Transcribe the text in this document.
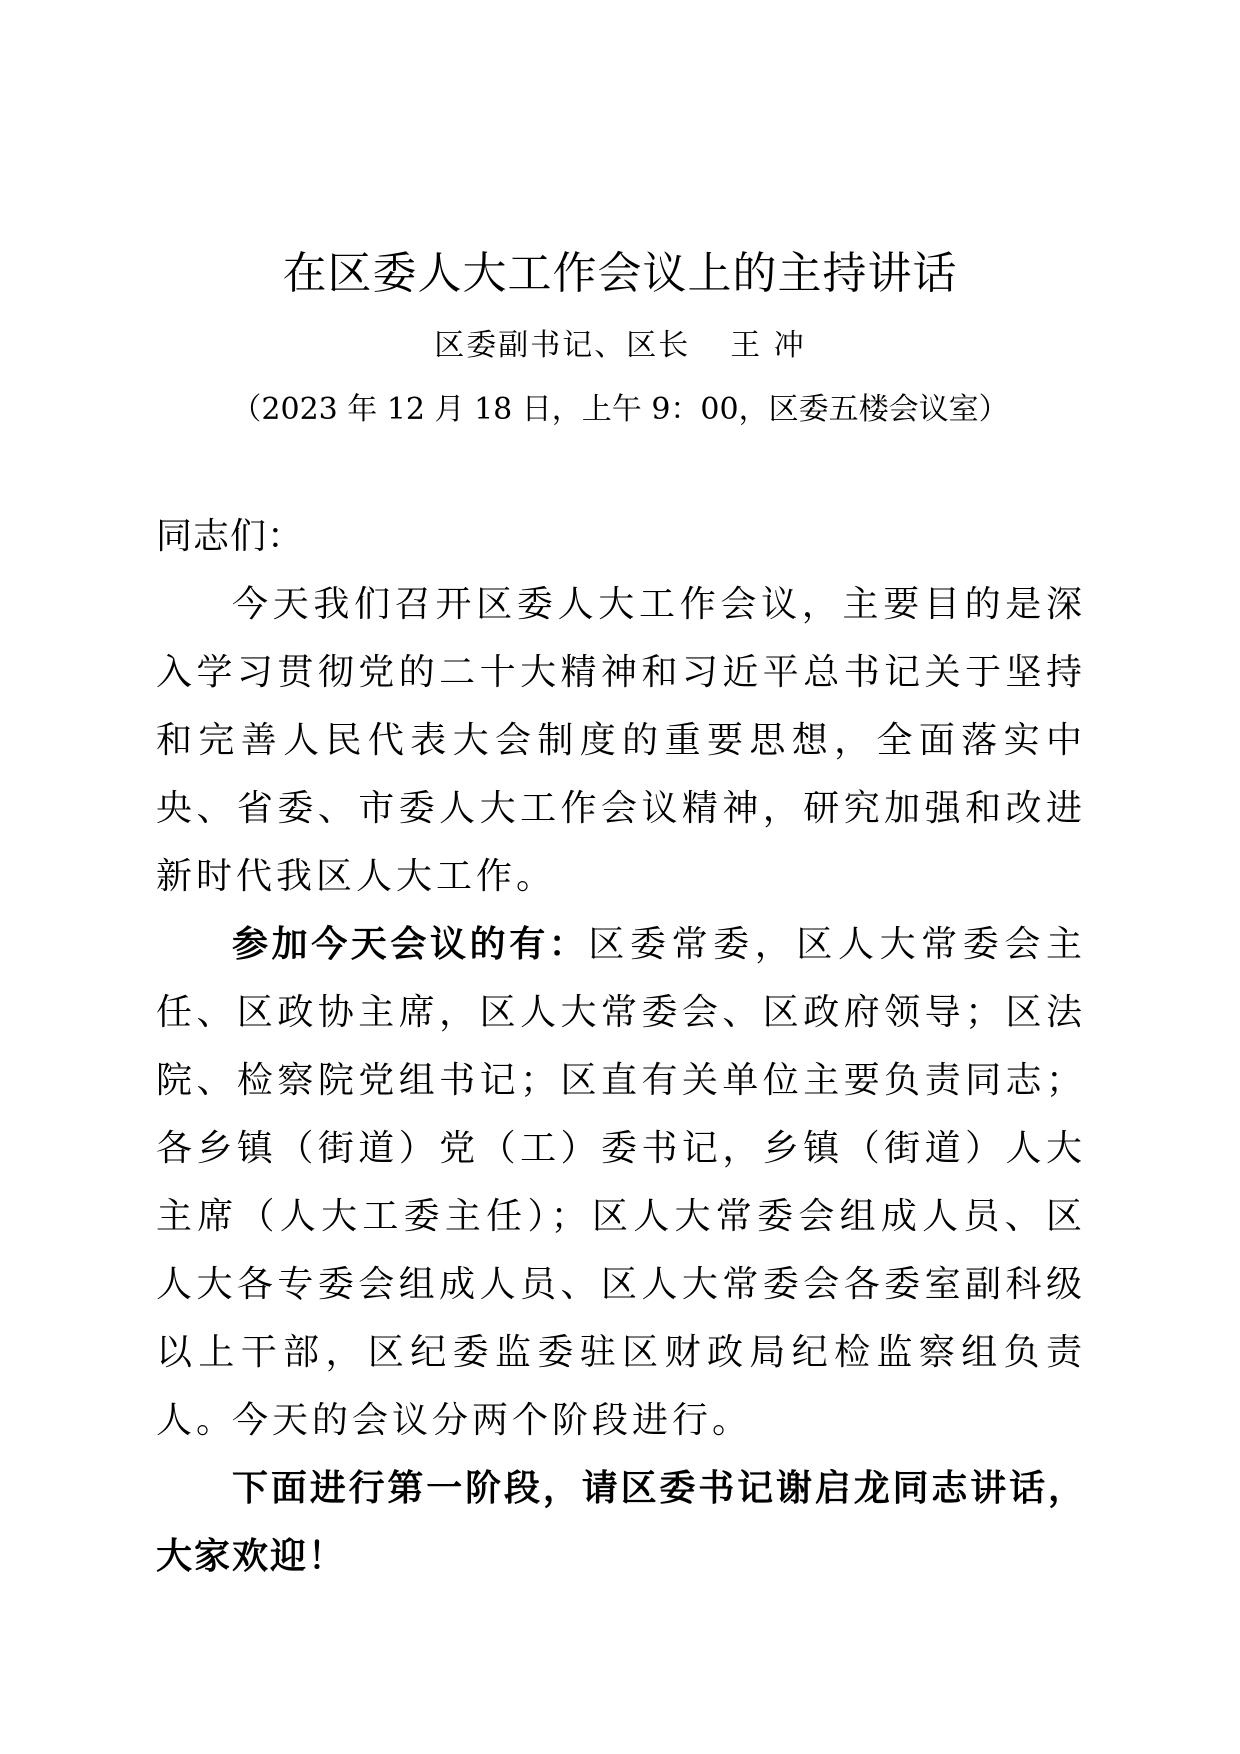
在区委人大工作会议上的主持讲话
区委副书记、区长 王 冲
（2023 年 12 月 18 日，上午 9：00，区委五楼会议室）

同志们：

今天我们召开区委人大工作会议，主要目的是深入学习贯彻党的二十大精神和习近平总书记关于坚持和完善人民代表大会制度的重要思想，全面落实中央、省委、市委人大工作会议精神，研究加强和改进新时代我区人大工作。

参加今天会议的有：区委常委，区人大常委会主任、区政协主席，区人大常委会、区政府领导；区法院、检察院党组书记；区直有关单位主要负责同志；各乡镇（街道）党（工）委书记，乡镇（街道）人大主席（人大工委主任）；区人大常委会组成人员、区人大各专委会组成人员、区人大常委会各委室副科级以上干部，区纪委监委驻区财政局纪检监察组负责人。

今天的会议分两个阶段进行。

下面进行第一阶段，请区委书记谢启龙同志讲话，大家欢迎！
